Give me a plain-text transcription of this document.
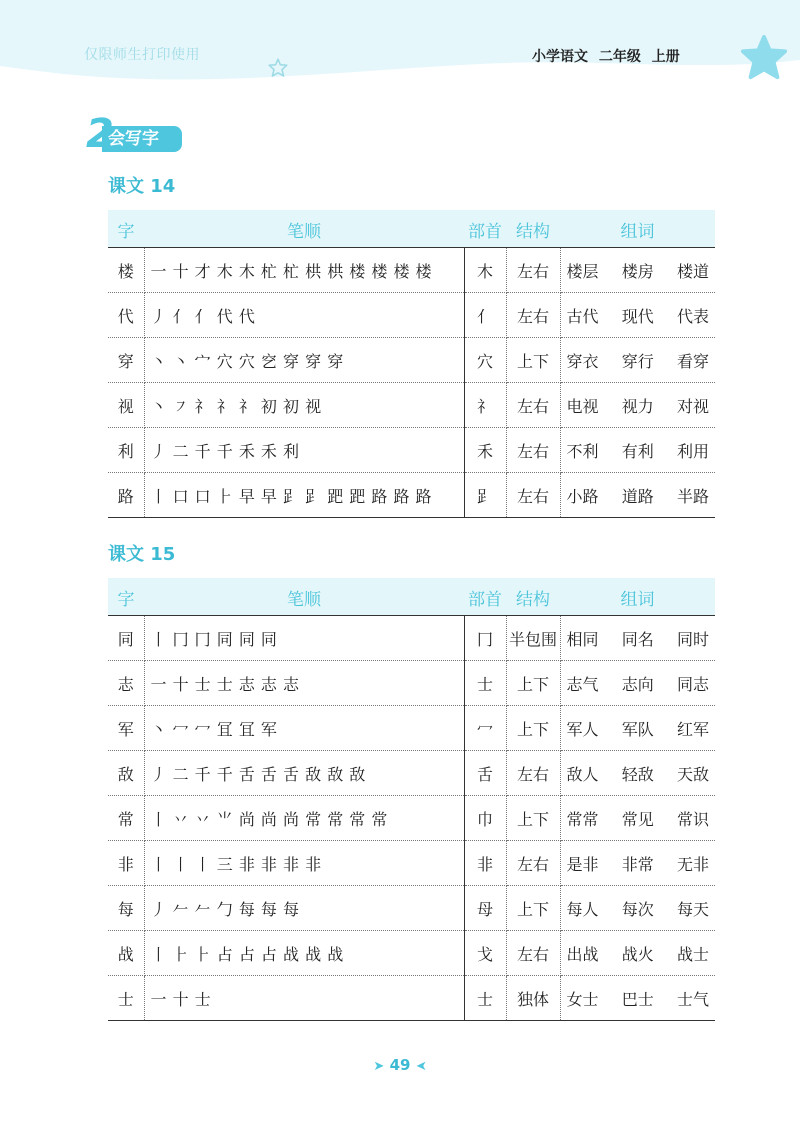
仅限师生打印使用	小学语文 二年级 上册
会写字
2
课文 14
字	笔顺	部首	结构	组词
楼	一 十 才 木 木 杧 杧 栱 栱 楼 楼 楼 楼	木	左右	楼层 楼房 楼道

代	丿 亻 亻 代 代	亻	左右	古代 现代 代表

穿	丶 丶 宀 穴 穴 穵 穿 穿 穿	穴	上下	穿衣 穿行 看穿

视	丶 ㇇ 礻 礻 礻 初 初 视	礻	左右	电视 视力 对视

利	丿 二 千 千 禾 禾 利	禾	左右	不利 有利 利用

路	丨 口 口 ⺊ 早 早 𧾷 𧾷 跁 跁 路 路 路	𧾷	左右	小路 道路 半路
课文 15
字	笔顺	部首	结构	组词
同	丨 冂 冂 同 同 同	冂	半包围	相同 同名 同时

志	一 十 士 士 志 志 志	士	上下	志气 志向 同志

军	丶 冖 冖 冝 冝 军	冖	上下	军人 军队 红军

敌	丿 二 千 千 舌 舌 舌 敌 敌 敌	舌	左右	敌人 轻敌 天敌

常	丨 丷 丷 ⺌ 尚 尚 尚 常 常 常 常	巾	上下	常常 常见 常识

非	丨 丨 丨 三 非 非 非 非	非	左右	是非 非常 无非

每	丿 𠂉 𠂉 勹 每 每 每	母	上下	每人 每次 每天

战	丨 ⺊ ⺊ 占 占 占 战 战 战	戈	左右	出战 战火 战士

士	一 十 士	士	独体	女士 巴士 士气
➤ 49 ➤
